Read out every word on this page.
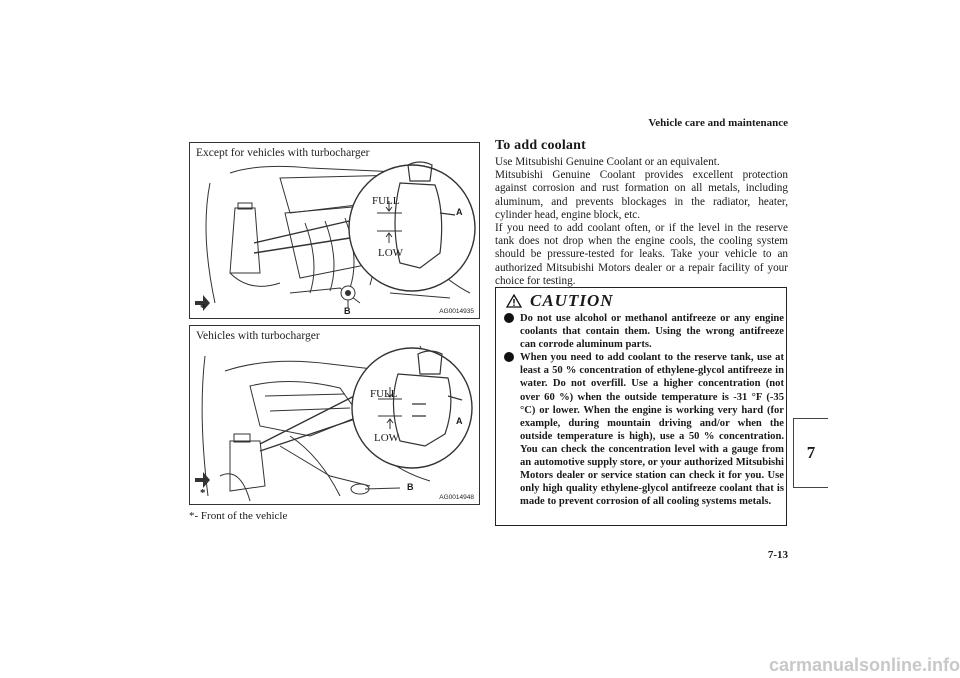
Vehicle care and maintenance
Except for vehicles with turbocharger
FULL
LOW
A
B
*	AG0014935
Vehicles with turbocharger
FULL
LOW
A
B
*	AG0014948
*- Front of the vehicle
To add coolant

Use Mitsubishi Genuine Coolant or an equivalent.

Mitsubishi Genuine Coolant provides excellent protection against corrosion and rust formation on all metals, including aluminum, and prevents blockages in the radiator, heater, cylinder head, engine block, etc.

If you need to add coolant often, or if the level in the reserve tank does not drop when the engine cools, the cooling system should be pressure-tested for leaks. Take your vehicle to an authorized Mitsubishi Motors dealer or a repair facility of your choice for testing.

CAUTION
Do not use alcohol or methanol antifreeze or any engine coolants that contain them. Using the wrong antifreeze can corrode aluminum parts.
When you need to add coolant to the reserve tank, use at least a 50 % concentration of ethylene-glycol antifreeze in water. Do not overfill. Use a higher concentration (not over 60 %) when the outside temperature is -31 °F (-35 °C) or lower. When the engine is working very hard (for example, during mountain driving and/or when the outside temperature is high), use a 50 % concentration. You can check the concentration level with a gauge from an automotive supply store, or your authorized Mitsubishi Motors dealer or service station can check it for you. Use only high quality ethylene-glycol antifreeze coolant that is made to prevent corrosion of all cooling systems metals.
7-13
7
carmanualsonline.info
